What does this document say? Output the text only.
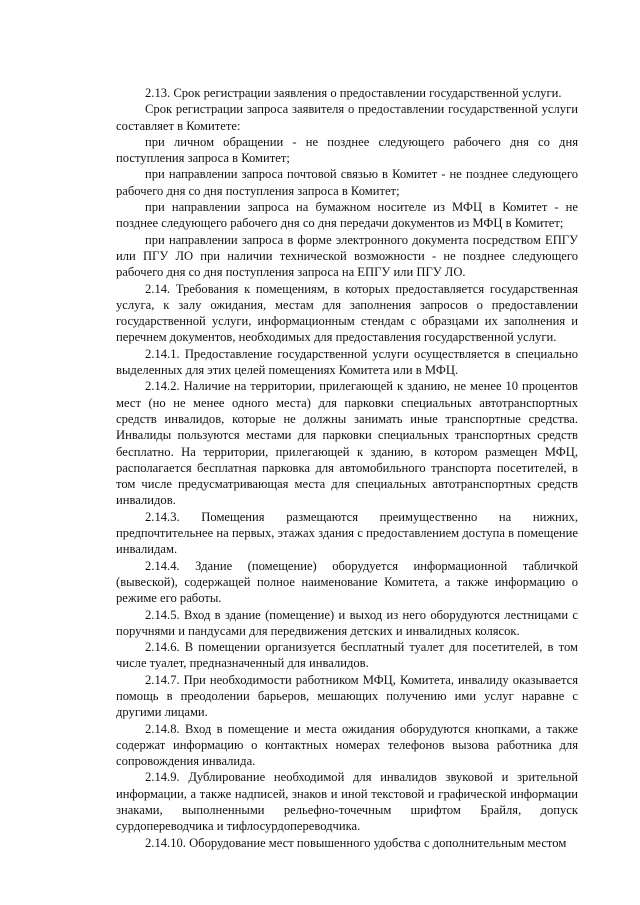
2.13. Срок регистрации заявления о предоставлении государственной услуги.

Срок регистрации запроса заявителя о предоставлении государственной услуги составляет в Комитете:

при личном обращении - не позднее следующего рабочего дня со дня поступления запроса в Комитет;

при направлении запроса почтовой связью в Комитет - не позднее следующего рабочего дня со дня поступления запроса в Комитет;

при направлении запроса на бумажном носителе из МФЦ в Комитет - не позднее следующего рабочего дня со дня передачи документов из МФЦ в Комитет;

при направлении запроса в форме электронного документа посредством ЕПГУ или ПГУ ЛО при наличии технической возможности - не позднее следующего рабочего дня со дня поступления запроса на ЕПГУ или ПГУ ЛО.

2.14. Требования к помещениям, в которых предоставляется государственная услуга, к залу ожидания, местам для заполнения запросов о предоставлении государственной услуги, информационным стендам с образцами их заполнения и перечнем документов, необходимых для предоставления государственной услуги.

2.14.1. Предоставление государственной услуги осуществляется в специально выделенных для этих целей помещениях Комитета или в МФЦ.

2.14.2. Наличие на территории, прилегающей к зданию, не менее 10 процентов мест (но не менее одного места) для парковки специальных автотранспортных средств инвалидов, которые не должны занимать иные транспортные средства. Инвалиды пользуются местами для парковки специальных транспортных средств бесплатно. На территории, прилегающей к зданию, в котором размещен МФЦ, располагается бесплатная парковка для автомобильного транспорта посетителей, в том числе предусматривающая места для специальных автотранспортных средств инвалидов.

2.14.3. Помещения размещаются преимущественно на нижних, предпочтительнее на первых, этажах здания с предоставлением доступа в помещение инвалидам.

2.14.4. Здание (помещение) оборудуется информационной табличкой (вывеской), содержащей полное наименование Комитета, а также информацию о режиме его работы.

2.14.5. Вход в здание (помещение) и выход из него оборудуются лестницами с поручнями и пандусами для передвижения детских и инвалидных колясок.

2.14.6. В помещении организуется бесплатный туалет для посетителей, в том числе туалет, предназначенный для инвалидов.

2.14.7. При необходимости работником МФЦ, Комитета, инвалиду оказывается помощь в преодолении барьеров, мешающих получению ими услуг наравне с другими лицами.

2.14.8. Вход в помещение и места ожидания оборудуются кнопками, а также содержат информацию о контактных номерах телефонов вызова работника для сопровождения инвалида.

2.14.9. Дублирование необходимой для инвалидов звуковой и зрительной информации, а также надписей, знаков и иной текстовой и графической информации знаками, выполненными рельефно-точечным шрифтом Брайля, допуск сурдопереводчика и тифлосурдопереводчика.

2.14.10. Оборудование мест повышенного удобства с дополнительным местом
